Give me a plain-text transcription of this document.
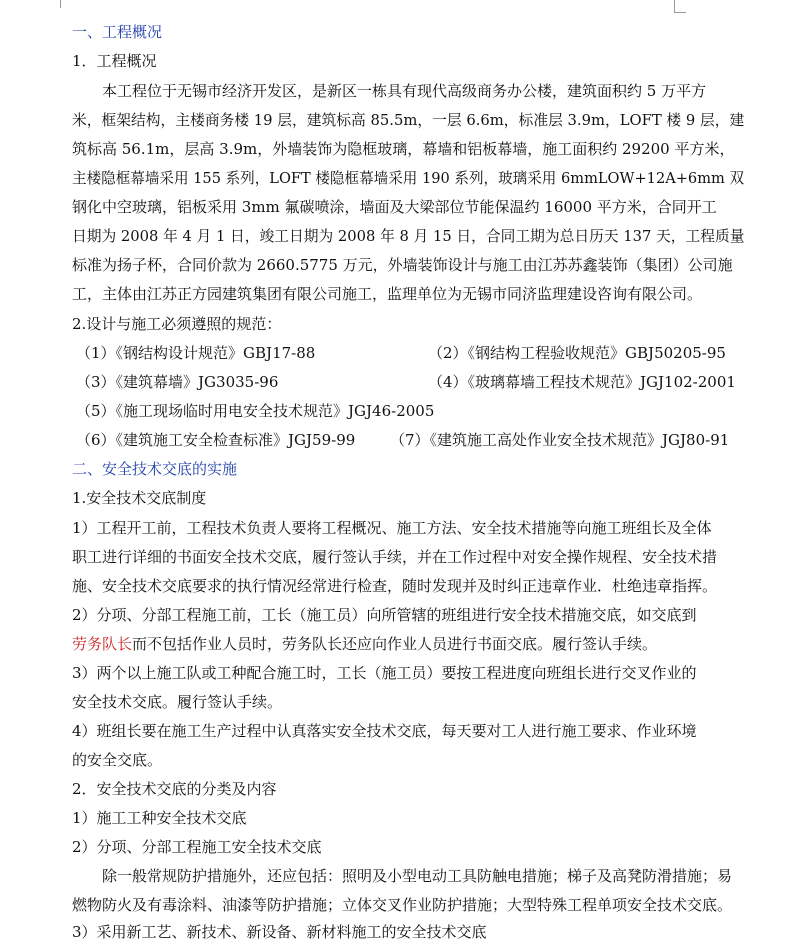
一、工程概况
1．工程概况
本工程位于无锡市经济开发区，是新区一栋具有现代高级商务办公楼，建筑面积约 5 万平方
米，框架结构，主楼商务楼 19 层，建筑标高 85.5m，一层 6.6m，标准层 3.9m，LOFT 楼 9 层，建
筑标高 56.1m，层高 3.9m，外墙装饰为隐框玻璃，幕墙和铝板幕墙，施工面积约 29200 平方米，
主楼隐框幕墙采用 155 系列，LOFT 楼隐框幕墙采用 190 系列，玻璃采用 6mmLOW+12A+6mm 双
钢化中空玻璃，铝板采用 3mm 氟碳喷涂，墙面及大梁部位节能保温约 16000 平方米，合同开工
日期为 2008 年 4 月 1 日，竣工日期为 2008 年 8 月 15 日，合同工期为总日历天 137 天，工程质量
标准为扬子杯，合同价款为 2660.5775 万元，外墙装饰设计与施工由江苏苏鑫装饰（集团）公司施
工，主体由江苏正方园建筑集团有限公司施工，监理单位为无锡市同济监理建设咨询有限公司。
2.设计与施工必须遵照的规范：
（1）《钢结构设计规范》GBJ17-88	（2）《钢结构工程验收规范》GBJ50205-95
（3）《建筑幕墙》JG3035-96	（4）《玻璃幕墙工程技术规范》JGJ102-2001
（5）《施工现场临时用电安全技术规范》JGJ46-2005
（6）《建筑施工安全检查标准》JGJ59-99 （7）《建筑施工高处作业安全技术规范》JGJ80-91
二、安全技术交底的实施
1.安全技术交底制度
1）工程开工前，工程技术负责人要将工程概况、施工方法、安全技术措施等向施工班组长及全体
职工进行详细的书面安全技术交底，履行签认手续，并在工作过程中对安全操作规程、安全技术措
施、安全技术交底要求的执行情况经常进行检查，随时发现并及时纠正违章作业．杜绝违章指挥。
2）分项、分部工程施工前，工长（施工员）向所管辖的班组进行安全技术措施交底，如交底到
劳务队长而不包括作业人员时，劳务队长还应向作业人员进行书面交底。履行签认手续。
3）两个以上施工队或工种配合施工时，工长（施工员）要按工程进度向班组长进行交叉作业的
安全技术交底。履行签认手续。
4）班组长要在施工生产过程中认真落实安全技术交底，每天要对工人进行施工要求、作业环境
的安全交底。
2．安全技术交底的分类及内容
1）施工工种安全技术交底
2）分项、分部工程施工安全技术交底
除一般常规防护措施外，还应包括：照明及小型电动工具防触电措施；梯子及高凳防滑措施；易
燃物防火及有毒涂料、油漆等防护措施；立体交叉作业防护措施；大型特殊工程单项安全技术交底。
3）采用新工艺、新技术、新设备、新材料施工的安全技术交底
